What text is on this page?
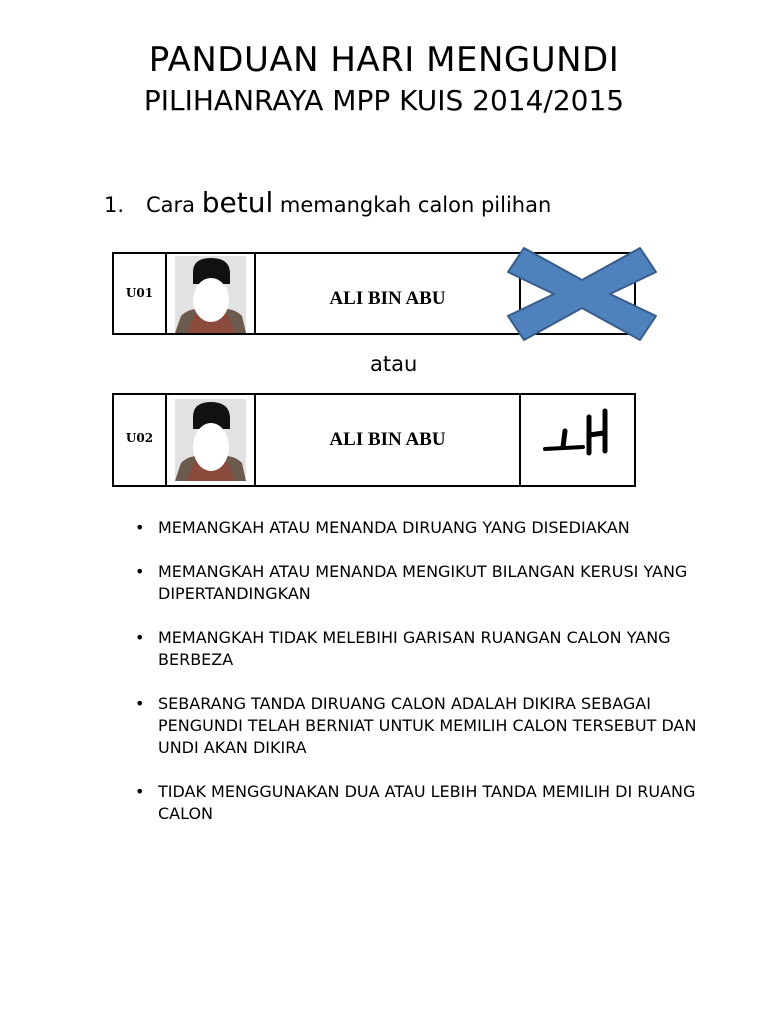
PANDUAN HARI MENGUNDI
PILIHANRAYA MPP KUIS 2014/2015
1. Cara betul memangkah calon pilihan
U01	ALI BIN ABU
atau
U02	ALI BIN ABU
• MEMANGKAH ATAU MENANDA DIRUANG YANG DISEDIAKAN
• MEMANGKAH ATAU MENANDA MENGIKUT BILANGAN KERUSI YANG DIPERTANDINGKAN
• MEMANGKAH TIDAK MELEBIHI GARISAN RUANGAN CALON YANG BERBEZA
• SEBARANG TANDA DIRUANG CALON ADALAH DIKIRA SEBAGAI PENGUNDI TELAH BERNIAT UNTUK MEMILIH CALON TERSEBUT DAN UNDI AKAN DIKIRA
• TIDAK MENGGUNAKAN DUA ATAU LEBIH TANDA MEMILIH DI RUANG CALON
